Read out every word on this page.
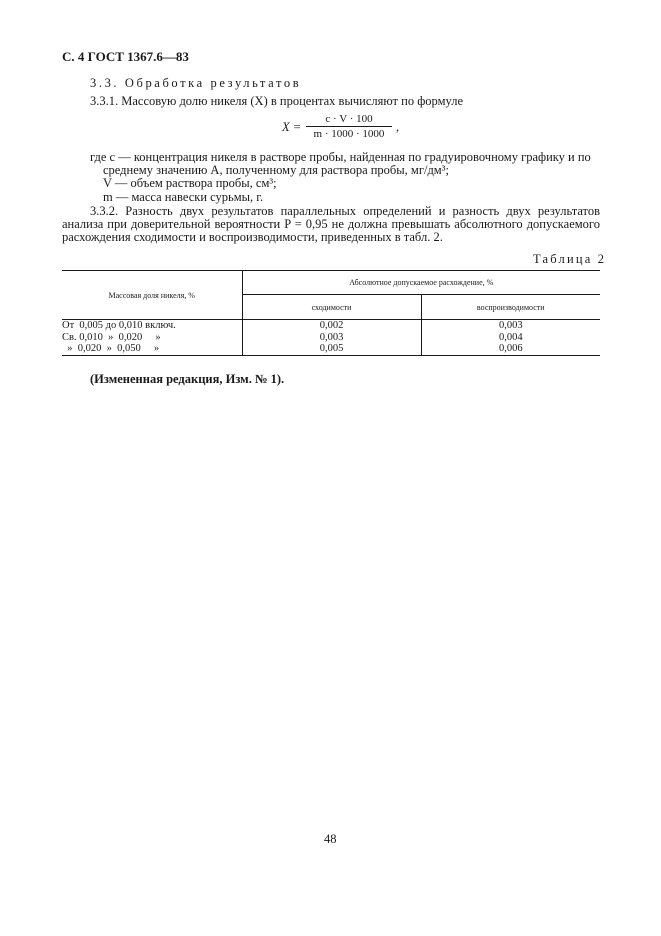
С. 4 ГОСТ 1367.6—83
3.3. Обработка результатов
3.3.1. Массовую долю никеля (X) в процентах вычисляют по формуле
X =
c · V · 100
m · 1000 · 1000 ,
где c — концентрация никеля в растворе пробы, найденная по градуировочному графику и по
среднему значению A, полученному для раствора пробы, мг/дм³;
V — объем раствора пробы, см³;
m — масса навески сурьмы, г.
3.3.2. Разность двух результатов параллельных определений и разность двух результатов
анализа при доверительной вероятности P = 0,95 не должна превышать абсолютного допускаемого
расхождения сходимости и воспроизводимости, приведенных в табл. 2.
Таблица 2
Массовая доля никеля, %	Абсолютное допускаемое расхождение, %	
	сходимости	воспроизводимости
От  0,005 до 0,010 включ.	0,002	0,003
Св. 0,010  »  0,020     »	0,003	0,004
»  0,020  »  0,050     »	0,005	0,006
(Измененная редакция, Изм. № 1).
48
